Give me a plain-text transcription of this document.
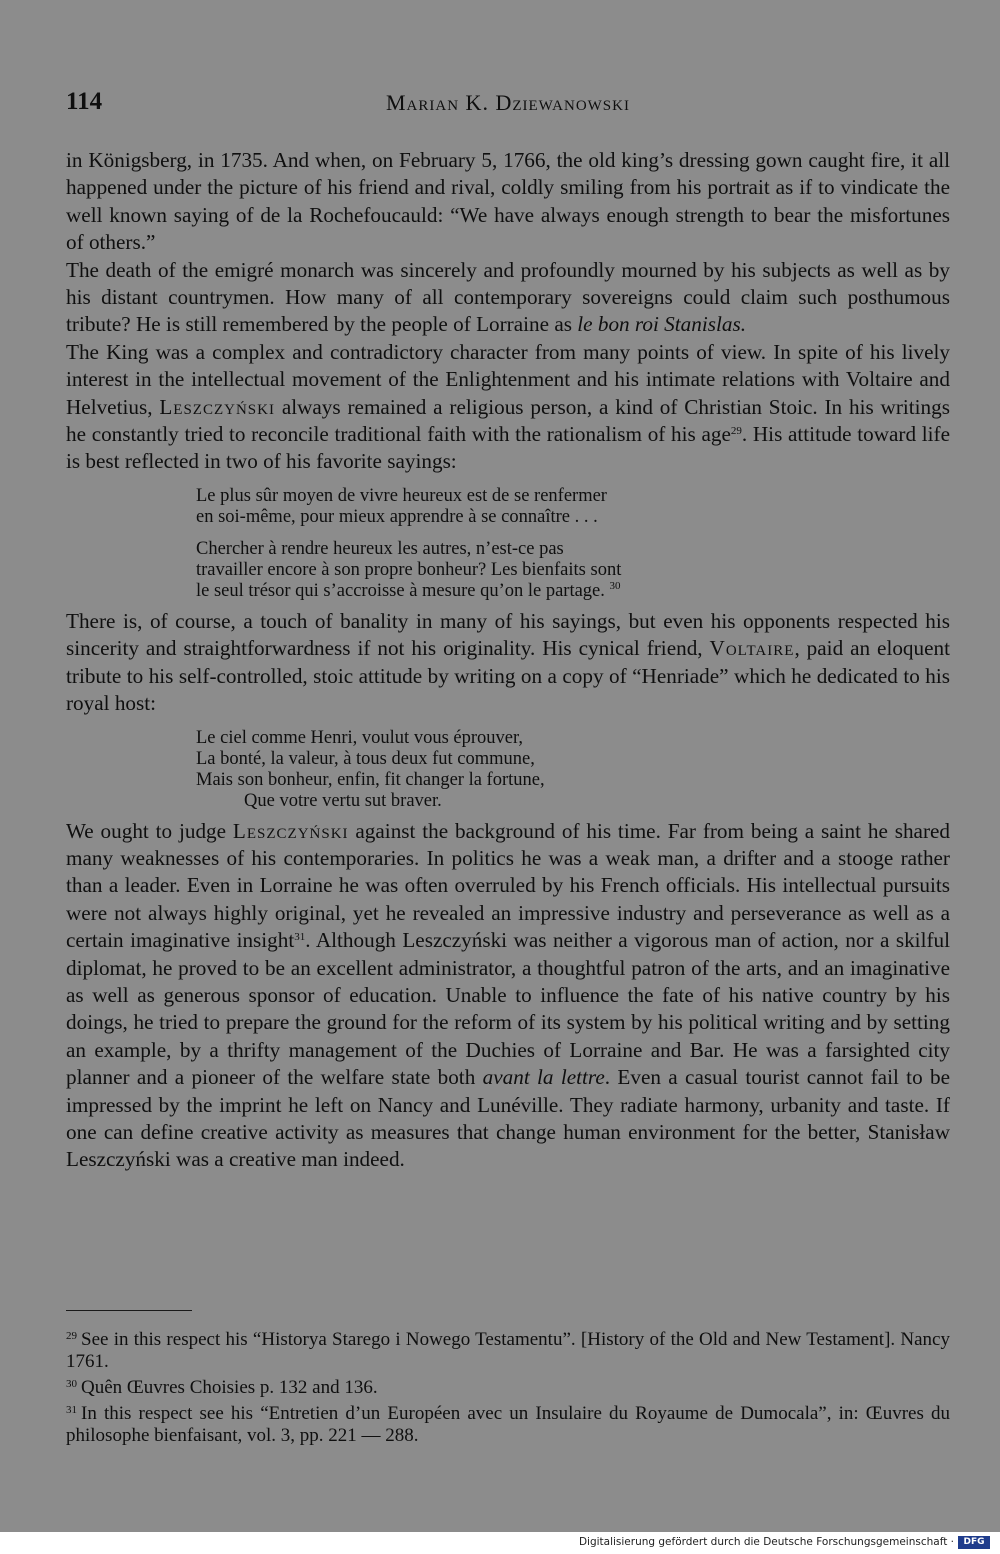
114	Marian K. Dziewanowski

in Königsberg, in 1735. And when, on February 5, 1766, the old king’s dressing gown caught fire, it all happened under the picture of his friend and rival, coldly smiling from his portrait as if to vindicate the well known saying of de la Rochefoucauld: “We have always enough strength to bear the misfortunes of others.”

The death of the emigré monarch was sincerely and profoundly mourned by his subjects as well as by his distant countrymen. How many of all contemporary sovereigns could claim such posthumous tribute? He is still remembered by the people of Lorraine as le bon roi Stanislas.

The King was a complex and contradictory character from many points of view. In spite of his lively interest in the intellectual movement of the Enlightenment and his intimate relations with Voltaire and Helvetius, Leszczyński always remained a religious person, a kind of Christian Stoic. In his writings he constantly tried to reconcile traditional faith with the rationalism of his age$^{29}$. His attitude toward life is best reflected in two of his favorite sayings:

Le plus sûr moyen de vivre heureux est de se renfermer
en soi-même, pour mieux apprendre à se connaître . . .
Chercher à rendre heureux les autres, n’est-ce pas
travailler encore à son propre bonheur? Les bienfaits sont
le seul trésor qui s’accroisse à mesure qu’on le partage. $^{30}$

There is, of course, a touch of banality in many of his sayings, but even his opponents respected his sincerity and straightforwardness if not his originality. His cynical friend, Voltaire, paid an eloquent tribute to his self-controlled, stoic attitude by writing on a copy of “Henriade” which he dedicated to his royal host:

Le ciel comme Henri, voulut vous éprouver,
La bonté, la valeur, à tous deux fut commune,
Mais son bonheur, enfin, fit changer la fortune,
Que votre vertu sut braver.

We ought to judge Leszczyński against the background of his time. Far from being a saint he shared many weaknesses of his contemporaries. In politics he was a weak man, a drifter and a stooge rather than a leader. Even in Lorraine he was often overruled by his French officials. His intellectual pursuits were not always highly original, yet he revealed an impressive industry and perseverance as well as a certain imaginative insight$^{31}$. Although Leszczyński was neither a vigorous man of action, nor a skilful diplomat, he proved to be an excellent administrator, a thoughtful patron of the arts, and an imaginative as well as generous sponsor of education. Unable to influence the fate of his native country by his doings, he tried to prepare the ground for the reform of its system by his political writing and by setting an example, by a thrifty management of the Duchies of Lorraine and Bar. He was a farsighted city planner and a pioneer of the welfare state both avant la lettre. Even a casual tourist cannot fail to be impressed by the imprint he left on Nancy and Lunéville. They radiate harmony, urbanity and taste. If one can define creative activity as measures that change human environment for the better, Stanisław Leszczyński was a creative man indeed.

$^{29}$ See in this respect his “Historya Starego i Nowego Testamentu”. [History of the Old and New Testament]. Nancy 1761.

$^{30}$ Quên Œuvres Choisies p. 132 and 136.

$^{31}$ In this respect see his “Entretien d’un Européen avec un Insulaire du Royaume de Dumocala”, in: Œuvres du philosophe bienfaisant, vol. 3, pp. 221 — 288.

Digitalisierung gefördert durch die Deutsche Forschungsgemeinschaft ·	DFG
